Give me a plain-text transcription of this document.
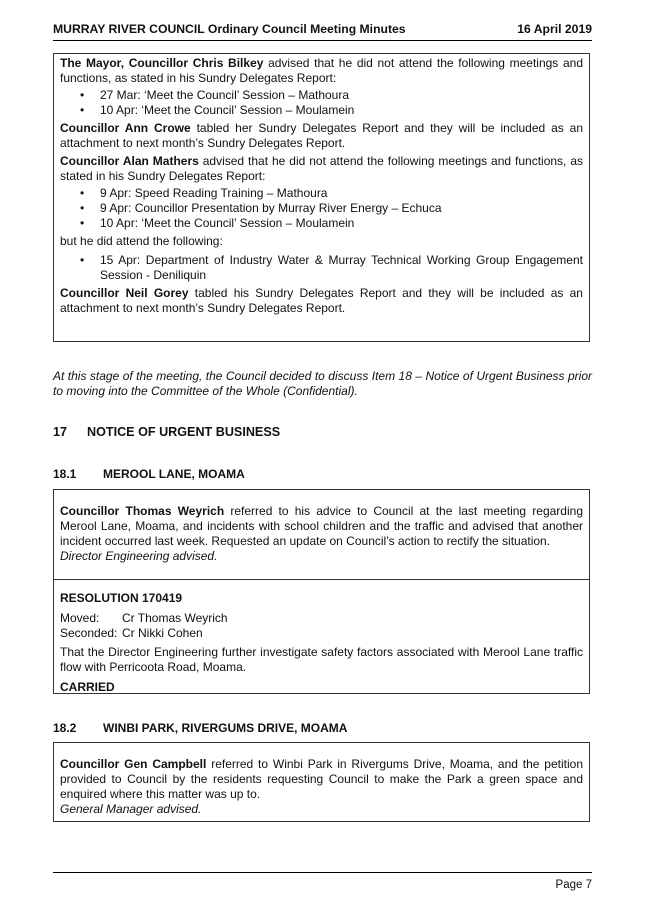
MURRAY RIVER COUNCIL Ordinary Council Meeting Minutes	16 April 2019

The Mayor, Councillor Chris Bilkey advised that he did not attend the following meetings and functions, as stated in his Sundry Delegates Report:

• 27 Mar: ‘Meet the Council’ Session – Mathoura
• 10 Apr: ‘Meet the Council’ Session – Moulamein

Councillor Ann Crowe tabled her Sundry Delegates Report and they will be included as an attachment to next month’s Sundry Delegates Report.

Councillor Alan Mathers advised that he did not attend the following meetings and functions, as stated in his Sundry Delegates Report:

• 9 Apr: Speed Reading Training – Mathoura
• 9 Apr: Councillor Presentation by Murray River Energy – Echuca
• 10 Apr: ‘Meet the Council’ Session – Moulamein

but he did attend the following:

• 15 Apr: Department of Industry Water & Murray Technical Working Group Engagement Session - Deniliquin

Councillor Neil Gorey tabled his Sundry Delegates Report and they will be included as an attachment to next month’s Sundry Delegates Report.

At this stage of the meeting, the Council decided to discuss Item 18 – Notice of Urgent Business prior to moving into the Committee of the Whole (Confidential).

17 NOTICE OF URGENT BUSINESS
18.1 MEROOL LANE, MOAMA

Councillor Thomas Weyrich referred to his advice to Council at the last meeting regarding Merool Lane, Moama, and incidents with school children and the traffic and advised that another incident occurred last week. Requested an update on Council’s action to rectify the situation.

Director Engineering advised.

RESOLUTION 170419

Moved:	Cr Thomas Weyrich
Seconded: Cr Nikki Cohen

That the Director Engineering further investigate safety factors associated with Merool Lane traffic flow with Perricoota Road, Moama.

CARRIED

18.2 WINBI PARK, RIVERGUMS DRIVE, MOAMA

Councillor Gen Campbell referred to Winbi Park in Rivergums Drive, Moama, and the petition provided to Council by the residents requesting Council to make the Park a green space and enquired where this matter was up to.

General Manager advised.

Page 7
